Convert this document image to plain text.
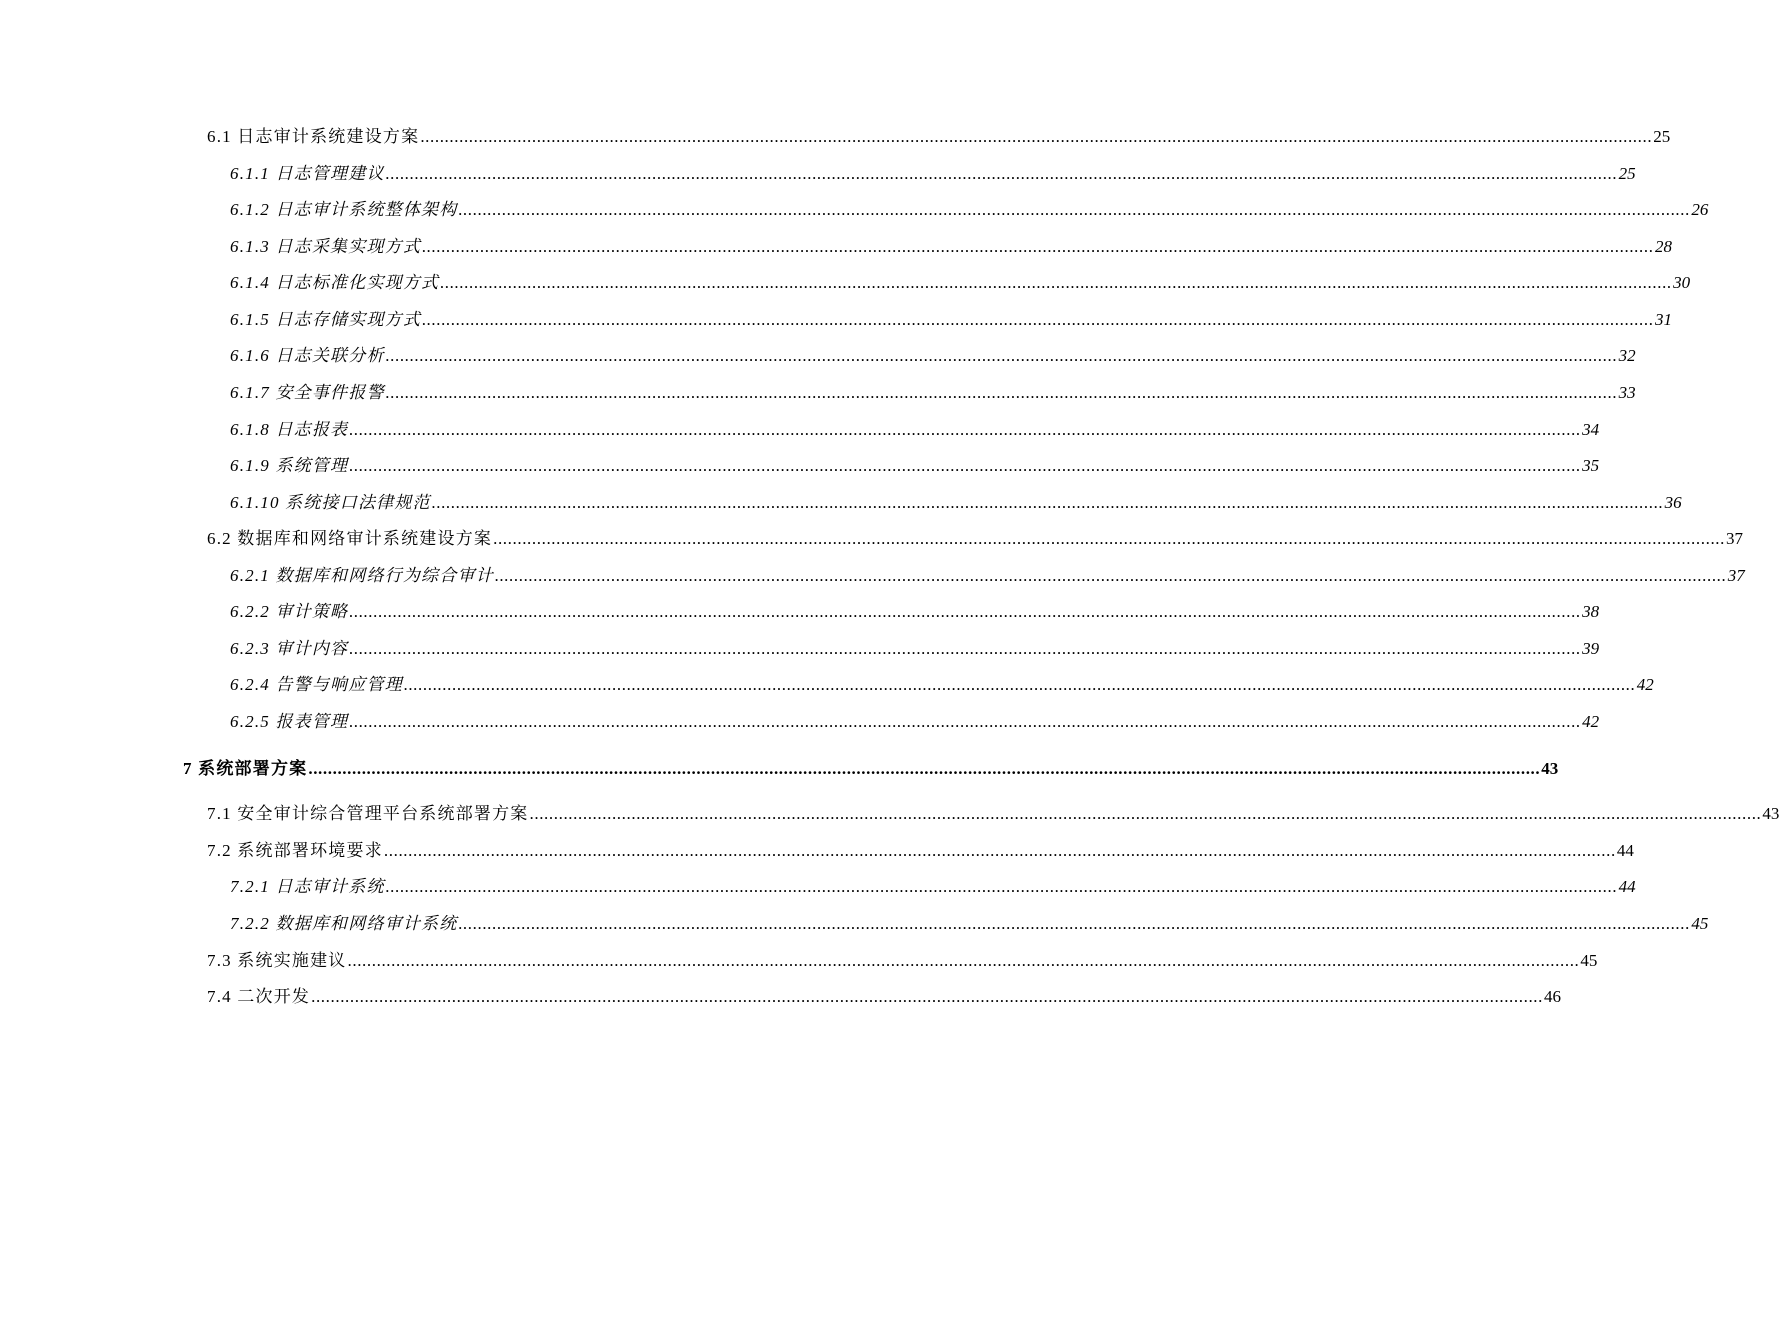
6.1 日志审计系统建设方案 .............................................................................................................................................................................................................................................................. 25
6.1.1 日志管理建议 .............................................................................................................................................................................................................................................................. 25
6.1.2 日志审计系统整体架构 .............................................................................................................................................................................................................................................................. 26
6.1.3 日志采集实现方式 .............................................................................................................................................................................................................................................................. 28
6.1.4 日志标准化实现方式 .............................................................................................................................................................................................................................................................. 30
6.1.5 日志存储实现方式 .............................................................................................................................................................................................................................................................. 31
6.1.6 日志关联分析 .............................................................................................................................................................................................................................................................. 32
6.1.7 安全事件报警 .............................................................................................................................................................................................................................................................. 33
6.1.8 日志报表 .............................................................................................................................................................................................................................................................. 34
6.1.9 系统管理 .............................................................................................................................................................................................................................................................. 35
6.1.10 系统接口法律规范 .............................................................................................................................................................................................................................................................. 36
6.2 数据库和网络审计系统建设方案 .............................................................................................................................................................................................................................................................. 37
6.2.1 数据库和网络行为综合审计 .............................................................................................................................................................................................................................................................. 37
6.2.2 审计策略 .............................................................................................................................................................................................................................................................. 38
6.2.3 审计内容 .............................................................................................................................................................................................................................................................. 39
6.2.4 告警与响应管理 .............................................................................................................................................................................................................................................................. 42
6.2.5 报表管理 .............................................................................................................................................................................................................................................................. 42
7 系统部署方案 .............................................................................................................................................................................................................................................................. 43
7.1 安全审计综合管理平台系统部署方案 .............................................................................................................................................................................................................................................................. 43
7.2 系统部署环境要求 .............................................................................................................................................................................................................................................................. 44
7.2.1 日志审计系统 .............................................................................................................................................................................................................................................................. 44
7.2.2 数据库和网络审计系统 .............................................................................................................................................................................................................................................................. 45
7.3 系统实施建议 .............................................................................................................................................................................................................................................................. 45
7.4 二次开发 .............................................................................................................................................................................................................................................................. 46
